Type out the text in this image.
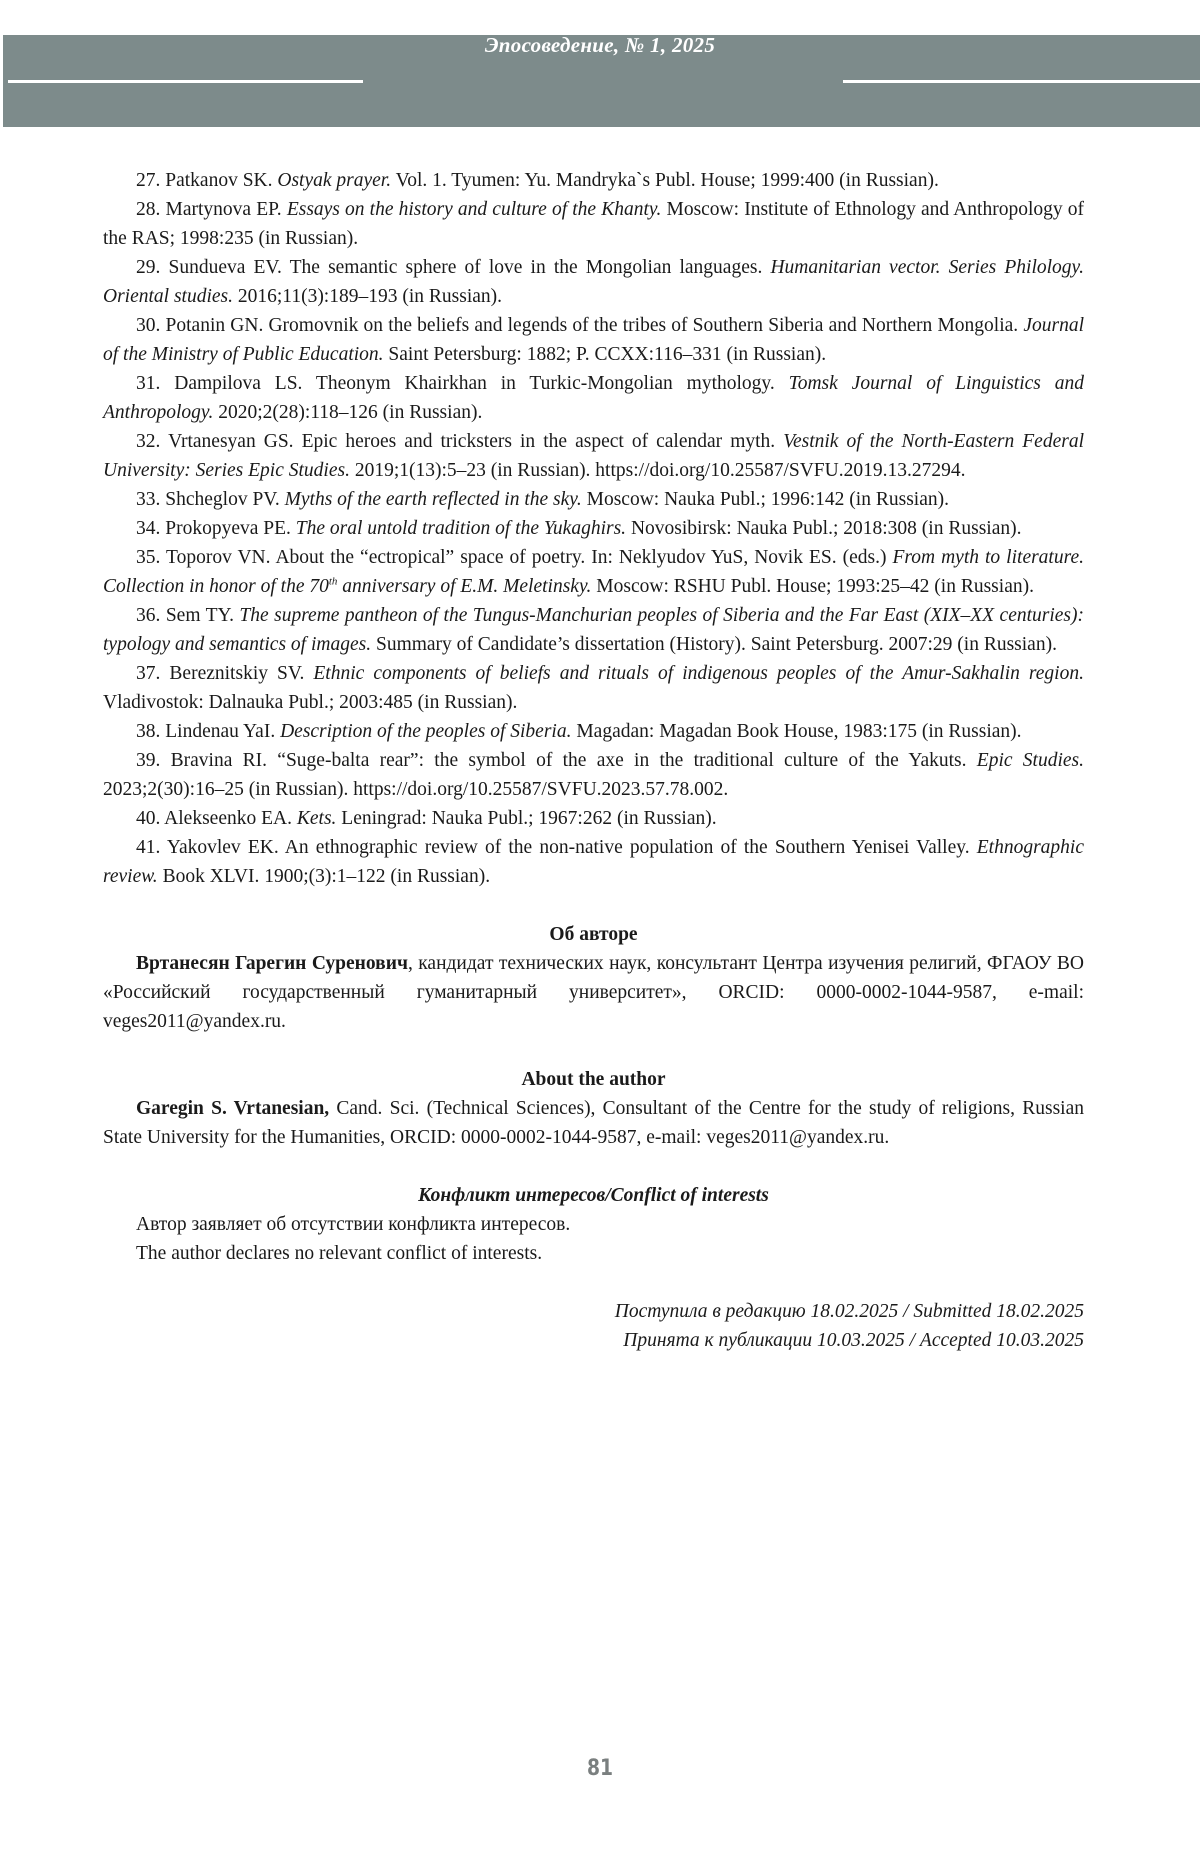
Эпосоведение, № 1, 2025

27. Patkanov SK. Ostyak prayer. Vol. 1. Tyumen: Yu. Mandryka`s Publ. House; 1999:400 (in Russian).

28. Martynova EP. Essays on the history and culture of the Khanty. Moscow: Institute of Ethnology and Anthropology of the RAS; 1998:235 (in Russian).

29. Sundueva EV. The semantic sphere of love in the Mongolian languages. Humanitarian vector. Series Philology. Oriental studies. 2016;11(3):189–193 (in Russian).

30. Potanin GN. Gromovnik on the beliefs and legends of the tribes of Southern Siberia and Northern Mongolia. Journal of the Ministry of Public Education. Saint Petersburg: 1882; P. CCXX:116–331 (in Russian).

31. Dampilova LS. Theonym Khairkhan in Turkic-Mongolian mythology. Tomsk Journal of Linguistics and Anthropology. 2020;2(28):118–126 (in Russian).

32. Vrtanesyan GS. Epic heroes and tricksters in the aspect of calendar myth. Vestnik of the North-Eastern Federal University: Series Epic Studies. 2019;1(13):5–23 (in Russian). https://doi.org/10.25587/SVFU.2019.13.27294.

33. Shcheglov PV. Myths of the earth reflected in the sky. Moscow: Nauka Publ.; 1996:142 (in Russian).

34. Prokopyeva PE. The oral untold tradition of the Yukaghirs. Novosibirsk: Nauka Publ.; 2018:308 (in Russian).

35. Toporov VN. About the “ectropical” space of poetry. In: Neklyudov YuS, Novik ES. (eds.) From myth to literature. Collection in honor of the 70th anniversary of E.M. Meletinsky. Moscow: RSHU Publ. House; 1993:25–42 (in Russian).

36. Sem TY. The supreme pantheon of the Tungus-Manchurian peoples of Siberia and the Far East (XIX–XX centuries): typology and semantics of images. Summary of Candidate’s dissertation (History). Saint Petersburg. 2007:29 (in Russian).

37. Bereznitskiy SV. Ethnic components of beliefs and rituals of indigenous peoples of the Amur-Sakhalin region. Vladivostok: Dalnauka Publ.; 2003:485 (in Russian).

38. Lindenau YaI. Description of the peoples of Siberia. Magadan: Magadan Book House, 1983:175 (in Russian).

39. Bravina RI. “Suge-balta rear”: the symbol of the axe in the traditional culture of the Yakuts. Epic Studies. 2023;2(30):16–25 (in Russian). https://doi.org/10.25587/SVFU.2023.57.78.002.

40. Alekseenko EA. Kets. Leningrad: Nauka Publ.; 1967:262 (in Russian).

41. Yakovlev EK. An ethnographic review of the non-native population of the Southern Yenisei Valley. Ethnographic review. Book XLVI. 1900;(3):1–122 (in Russian).

Об авторе

Вртанесян Гарегин Суренович, кандидат технических наук, консультант Центра изучения религий, ФГАОУ ВО «Российский государственный гуманитарный университет», ORCID: 0000-0002-1044-9587, e-mail: veges2011@yandex.ru.

About the author

Garegin S. Vrtanesian, Cand. Sci. (Technical Sciences), Consultant of the Centre for the study of religions, Russian State University for the Humanities, ORCID: 0000-0002-1044-9587, e-mail: veges2011@yandex.ru.

Конфликт интересов/Conflict of interests

Автор заявляет об отсутствии конфликта интересов.

The author declares no relevant conflict of interests.

Поступила в редакцию 18.02.2025 / Submitted 18.02.2025

Принята к публикации 10.03.2025 / Accepted 10.03.2025

81
